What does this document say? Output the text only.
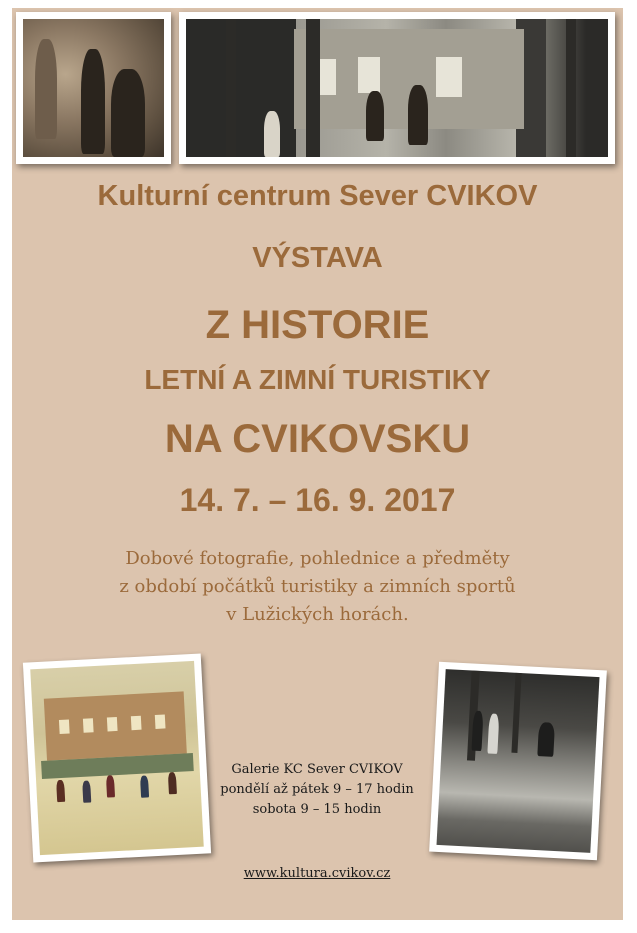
Kulturní centrum Sever CVIKOV
VÝSTAVA
Z HISTORIE
LETNÍ A ZIMNÍ TURISTIKY
NA CVIKOVSKU
14. 7. – 16. 9. 2017
Dobové fotografie, pohlednice a předměty
z období počátků turistiky a zimních sportů
v Lužických horách.
Galerie KC Sever CVIKOV
pondělí až pátek 9 – 17 hodin
sobota 9 – 15 hodin
www.kultura.cvikov.cz
